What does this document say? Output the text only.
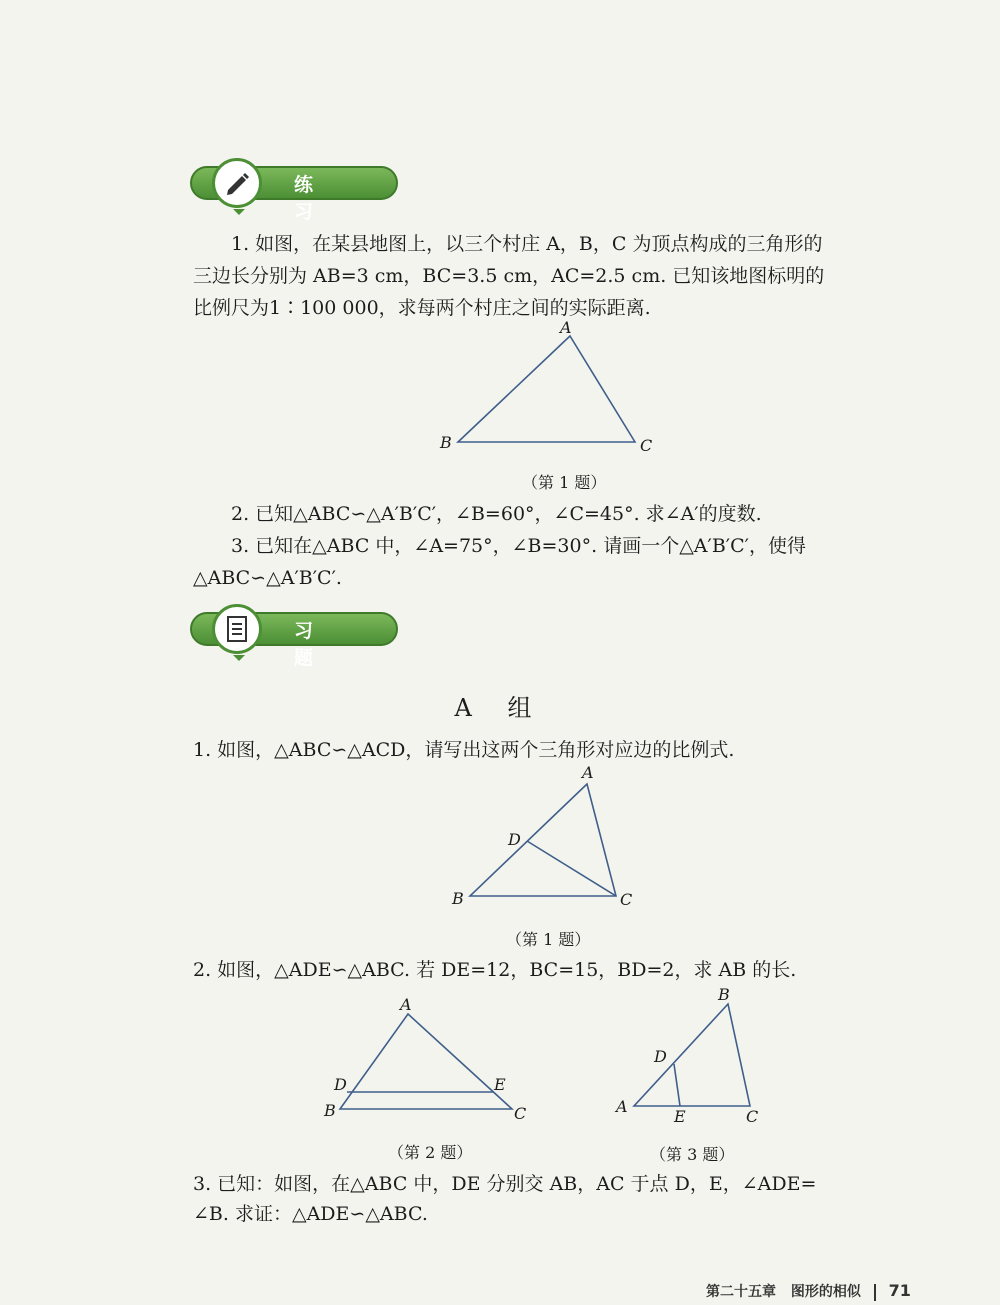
练 习
1. 如图，在某县地图上，以三个村庄 A，B，C 为顶点构成的三角形的
三边长分别为 AB=3 cm，BC=3.5 cm，AC=2.5 cm. 已知该地图标明的
比例尺为1∶100 000，求每两个村庄之间的实际距离.
A
B	C
（第 1 题）
2. 已知△ABC∽△A′B′C′，∠B=60°，∠C=45°. 求∠A′的度数.
3. 已知在△ABC 中，∠A=75°，∠B=30°. 请画一个△A′B′C′，使得
△ABC∽△A′B′C′.
习 题
A 组
1. 如图，△ABC∽△ACD，请写出这两个三角形对应边的比例式.
A
D
B	C
（第 1 题）
2. 如图，△ADE∽△ABC. 若 DE=12，BC=15，BD=2，求 AB 的长.
A
D	E
B	C
（第 2 题）
B
D
A
E	C
（第 3 题）
3. 已知：如图，在△ABC 中，DE 分别交 AB，AC 于点 D，E，∠ADE=
∠B. 求证：△ADE∽△ABC.
第二十五章 图形的相似 71
